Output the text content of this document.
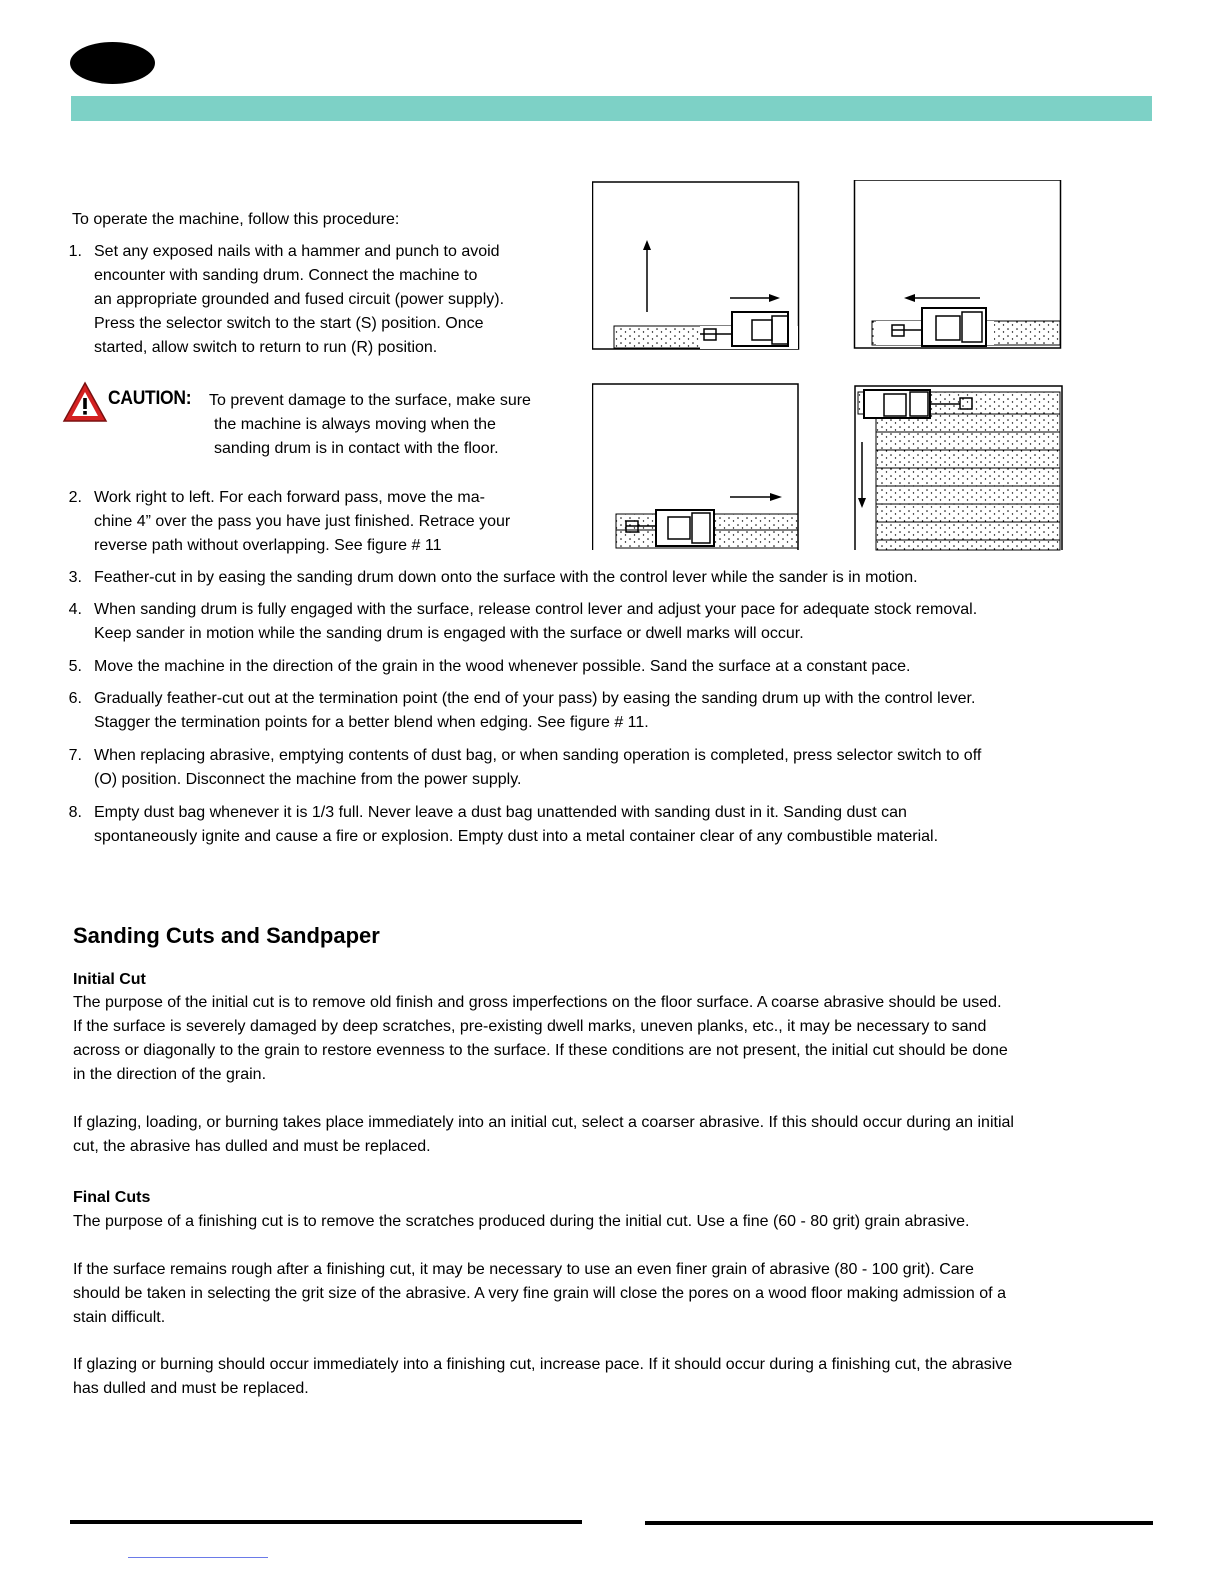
To operate the machine, follow this procedure:
1. Set any exposed nails with a hammer and punch to avoid
encounter with sanding drum. Connect the machine to
an appropriate grounded and fused circuit (power supply).
Press the selector switch to the start (S) position. Once
started, allow switch to return to run (R) position.
CAUTION: To prevent damage to the surface, make sure
the machine is always moving when the
sanding drum is in contact with the floor.
2. Work right to left. For each forward pass, move the ma-
chine 4” over the pass you have just finished. Retrace your
reverse path without overlapping. See figure # 11
3. Feather-cut in by easing the sanding drum down onto the surface with the control lever while the sander is in motion.
4. When sanding drum is fully engaged with the surface, release control lever and adjust your pace for adequate stock removal.
Keep sander in motion while the sanding drum is engaged with the surface or dwell marks will occur.
5. Move the machine in the direction of the grain in the wood whenever possible. Sand the surface at a constant pace.
6. Gradually feather-cut out at the termination point (the end of your pass) by easing the sanding drum up with the control lever.
Stagger the termination points for a better blend when edging. See figure # 11.
7. When replacing abrasive, emptying contents of dust bag, or when sanding operation is completed, press selector switch to off
(O) position. Disconnect the machine from the power supply.
8. Empty dust bag whenever it is 1/3 full. Never leave a dust bag unattended with sanding dust in it. Sanding dust can
spontaneously ignite and cause a fire or explosion. Empty dust into a metal container clear of any combustible material.
Sanding Cuts and Sandpaper
Initial Cut
The purpose of the initial cut is to remove old finish and gross imperfections on the floor surface. A coarse abrasive should be used.
If the surface is severely damaged by deep scratches, pre-existing dwell marks, uneven planks, etc., it may be necessary to sand
across or diagonally to the grain to restore evenness to the surface. If these conditions are not present, the initial cut should be done
in the direction of the grain.
If glazing, loading, or burning takes place immediately into an initial cut, select a coarser abrasive. If this should occur during an initial
cut, the abrasive has dulled and must be replaced.
Final Cuts
The purpose of a finishing cut is to remove the scratches produced during the initial cut. Use a fine (60 - 80 grit) grain abrasive.
If the surface remains rough after a finishing cut, it may be necessary to use an even finer grain of abrasive (80 - 100 grit). Care
should be taken in selecting the grit size of the abrasive. A very fine grain will close the pores on a wood floor making admission of a
stain difficult.
If glazing or burning should occur immediately into a finishing cut, increase pace. If it should occur during a finishing cut, the abrasive
has dulled and must be replaced.
